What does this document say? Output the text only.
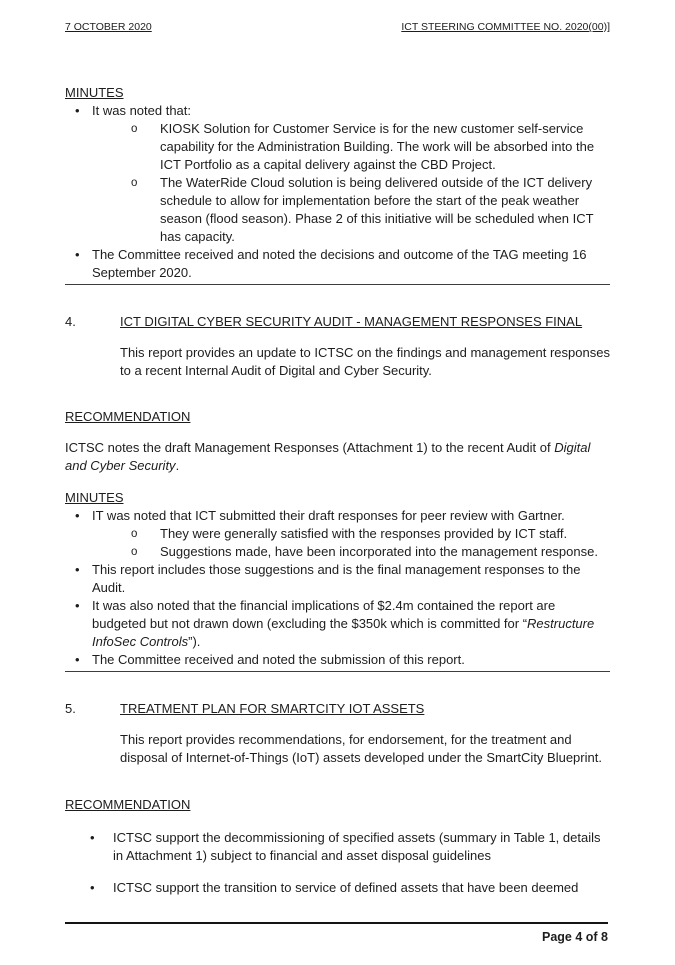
7 OCTOBER 2020	ICT STEERING COMMITTEE NO. 2020(00)]

MINUTES

• It was noted that:
o	KIOSK Solution for Customer Service is for the new customer self-service capability for the Administration Building. The work will be absorbed into the ICT Portfolio as a capital delivery against the CBD Project.
o	The WaterRide Cloud solution is being delivered outside of the ICT delivery schedule to allow for implementation before the start of the peak weather season (flood season). Phase 2 of this initiative will be scheduled when ICT has capacity.
• The Committee received and noted the decisions and outcome of the TAG meeting 16 September 2020.
4.	ICT DIGITAL CYBER SECURITY AUDIT - MANAGEMENT RESPONSES FINAL

This report provides an update to ICTSC on the findings and management responses to a recent Internal Audit of Digital and Cyber Security.

RECOMMENDATION

ICTSC notes the draft Management Responses (Attachment 1) to the recent Audit of Digital and Cyber Security.

MINUTES

• IT was noted that ICT submitted their draft responses for peer review with Gartner.
o	They were generally satisfied with the responses provided by ICT staff.
o	Suggestions made, have been incorporated into the management response.
• This report includes those suggestions and is the final management responses to the Audit.
• It was also noted that the financial implications of $2.4m contained the report are budgeted but not drawn down (excluding the $350k which is committed for “Restructure InfoSec Controls”).
• The Committee received and noted the submission of this report.
5.	TREATMENT PLAN FOR SMARTCITY IOT ASSETS

This report provides recommendations, for endorsement, for the treatment and disposal of Internet-of-Things (IoT) assets developed under the SmartCity Blueprint.

RECOMMENDATION

•	ICTSC support the decommissioning of specified assets (summary in Table 1, details in Attachment 1) subject to financial and asset disposal guidelines
•	ICTSC support the transition to service of defined assets that have been deemed
Page 4 of 8
